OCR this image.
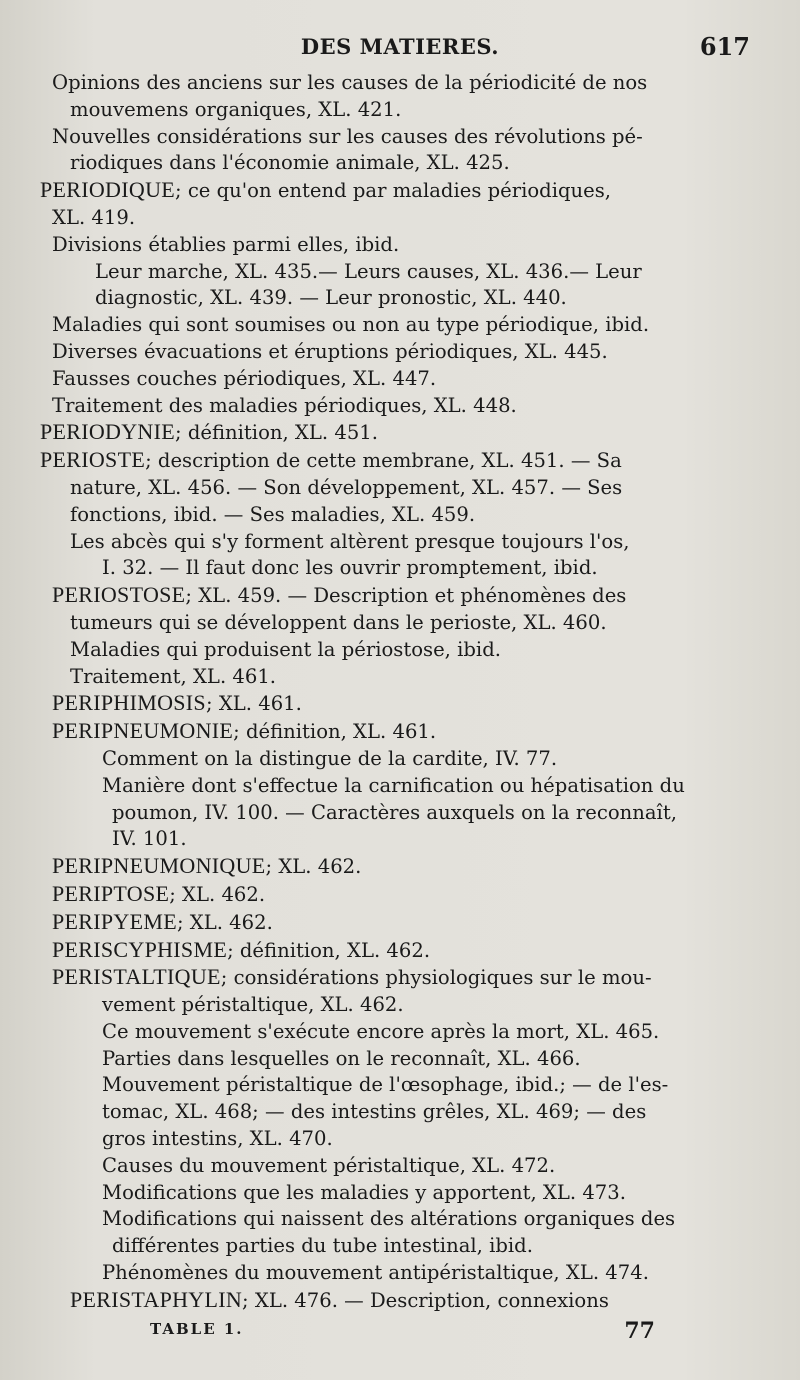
DES MATIERES.	617
Opinions des anciens sur les causes de la périodicité de nos
mouvemens organiques, XL. 421.
Nouvelles considérations sur les causes des révolutions pé-
riodiques dans l'économie animale, XL. 425.
PERIODIQUE; ce qu'on entend par maladies périodiques,
XL. 419.
Divisions établies parmi elles, ibid.
Leur marche, XL. 435.— Leurs causes, XL. 436.— Leur
diagnostic, XL. 439. — Leur pronostic, XL. 440.
Maladies qui sont soumises ou non au type périodique, ibid.
Diverses évacuations et éruptions périodiques, XL. 445.
Fausses couches périodiques, XL. 447.
Traitement des maladies périodiques, XL. 448.
PERIODYNIE; définition, XL. 451.
PERIOSTE; description de cette membrane, XL. 451. — Sa
nature, XL. 456. — Son développement, XL. 457. — Ses
fonctions, ibid. — Ses maladies, XL. 459.
Les abcès qui s'y forment altèrent presque toujours l'os,
I. 32. — Il faut donc les ouvrir promptement, ibid.
PERIOSTOSE; XL. 459. — Description et phénomènes des
tumeurs qui se développent dans le perioste, XL. 460.
Maladies qui produisent la périostose, ibid.
Traitement, XL. 461.
PERIPHIMOSIS; XL. 461.
PERIPNEUMONIE; définition, XL. 461.
Comment on la distingue de la cardite, IV. 77.
Manière dont s'effectue la carnification ou hépatisation du
poumon, IV. 100. — Caractères auxquels on la reconnaît,
IV. 101.
PERIPNEUMONIQUE; XL. 462.
PERIPTOSE; XL. 462.
PERIPYEME; XL. 462.
PERISCYPHISME; définition, XL. 462.
PERISTALTIQUE; considérations physiologiques sur le mou-
vement péristaltique, XL. 462.
Ce mouvement s'exécute encore après la mort, XL. 465.
Parties dans lesquelles on le reconnaît, XL. 466.
Mouvement péristaltique de l'œsophage, ibid.; — de l'es-
tomac, XL. 468; — des intestins grêles, XL. 469; — des
gros intestins, XL. 470.
Causes du mouvement péristaltique, XL. 472.
Modifications que les maladies y apportent, XL. 473.
Modifications qui naissent des altérations organiques des
différentes parties du tube intestinal, ibid.
Phénomènes du mouvement antipéristaltique, XL. 474.
PERISTAPHYLIN; XL. 476. — Description, connexions
TABLE 1.	77
